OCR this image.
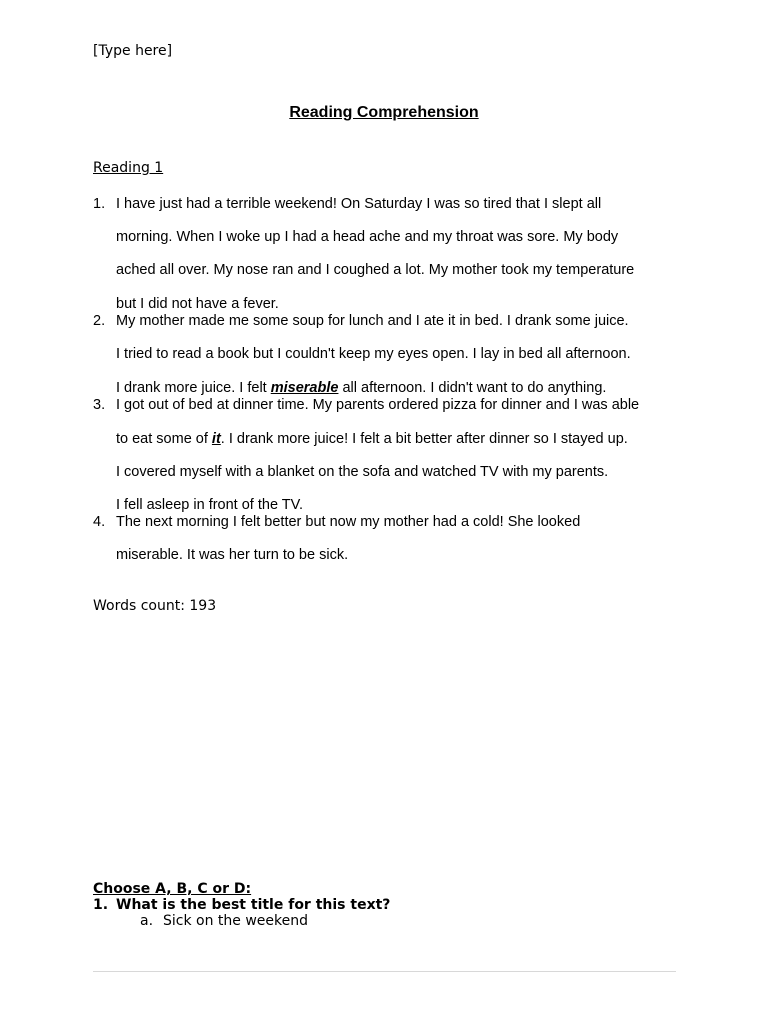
[Type here]
Reading Comprehension
Reading 1
1. I have just had a terrible weekend! On Saturday I was so tired that I slept all
morning. When I woke up I had a head ache and my throat was sore. My body
ached all over. My nose ran and I coughed a lot. My mother took my temperature
but I did not have a fever.
2. My mother made me some soup for lunch and I ate it in bed. I drank some juice.
I tried to read a book but I couldn't keep my eyes open. I lay in bed all afternoon.
I drank more juice. I felt miserable all afternoon. I didn't want to do anything.
3. I got out of bed at dinner time. My parents ordered pizza for dinner and I was able
to eat some of it. I drank more juice! I felt a bit better after dinner so I stayed up.
I covered myself with a blanket on the sofa and watched TV with my parents.
I fell asleep in front of the TV.
4. The next morning I felt better but now my mother had a cold! She looked
miserable. It was her turn to be sick.
Words count: 193
Choose A, B, C or D:
1. What is the best title for this text?
a. Sick on the weekend
